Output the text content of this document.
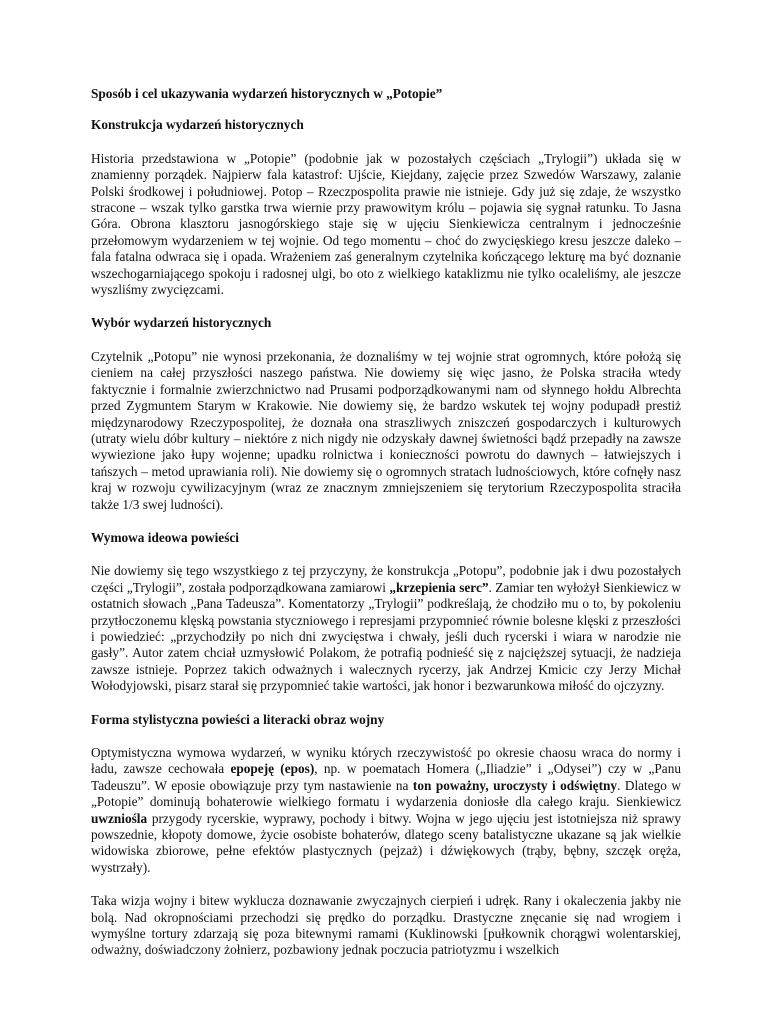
Sposób i cel ukazywania wydarzeń historycznych w „Potopie”
Konstrukcja wydarzeń historycznych

Historia przedstawiona w „Potopie” (podobnie jak w pozostałych częściach „Trylogii”) układa się w znamienny porządek. Najpierw fala katastrof: Ujście, Kiejdany, zajęcie przez Szwedów Warszawy, zalanie Polski środkowej i południowej. Potop – Rzeczpospolita prawie nie istnieje. Gdy już się zdaje, że wszystko stracone – wszak tylko garstka trwa wiernie przy prawowitym królu – pojawia się sygnał ratunku. To Jasna Góra. Obrona klasztoru jasnogórskiego staje się w ujęciu Sienkiewicza centralnym i jednocześnie przełomowym wydarzeniem w tej wojnie. Od tego momentu – choć do zwycięskiego kresu jeszcze daleko – fala fatalna odwraca się i opada. Wrażeniem zaś generalnym czytelnika kończącego lekturę ma być doznanie wszechogarniającego spokoju i radosnej ulgi, bo oto z wielkiego kataklizmu nie tylko ocaleliśmy, ale jeszcze wyszliśmy zwycięzcami.

Wybór wydarzeń historycznych

Czytelnik „Potopu” nie wynosi przekonania, że doznaliśmy w tej wojnie strat ogromnych, które położą się cieniem na całej przyszłości naszego państwa. Nie dowiemy się więc jasno, że Polska straciła wtedy faktycznie i formalnie zwierzchnictwo nad Prusami podporządkowanymi nam od słynnego hołdu Albrechta przed Zygmuntem Starym w Krakowie. Nie dowiemy się, że bardzo wskutek tej wojny podupadł prestiż międzynarodowy Rzeczypospolitej, że doznała ona straszliwych zniszczeń gospodarczych i kulturowych (utraty wielu dóbr kultury – niektóre z nich nigdy nie odzyskały dawnej świetności bądź przepadły na zawsze wywiezione jako łupy wojenne; upadku rolnictwa i konieczności powrotu do dawnych – łatwiejszych i tańszych – metod uprawiania roli). Nie dowiemy się o ogromnych stratach ludnościowych, które cofnęły nasz kraj w rozwoju cywilizacyjnym (wraz ze znacznym zmniejszeniem się terytorium Rzeczypospolita straciła także 1/3 swej ludności).

Wymowa ideowa powieści

Nie dowiemy się tego wszystkiego z tej przyczyny, że konstrukcja „Potopu”, podobnie jak i dwu pozostałych części „Trylogii”, została podporządkowana zamiarowi „krzepienia serc”. Zamiar ten wyłożył Sienkiewicz w ostatnich słowach „Pana Tadeusza”. Komentatorzy „Trylogii” podkreślają, że chodziło mu o to, by pokoleniu przytłoczonemu klęską powstania styczniowego i represjami przypomnieć równie bolesne klęski z przeszłości i powiedzieć: „przychodziły po nich dni zwycięstwa i chwały, jeśli duch rycerski i wiara w narodzie nie gasły”. Autor zatem chciał uzmysłowić Polakom, że potrafią podnieść się z najcięższej sytuacji, że nadzieja zawsze istnieje. Poprzez takich odważnych i walecznych rycerzy, jak Andrzej Kmicic czy Jerzy Michał Wołodyjowski, pisarz starał się przypomnieć takie wartości, jak honor i bezwarunkowa miłość do ojczyzny.

Forma stylistyczna powieści a literacki obraz wojny

Optymistyczna wymowa wydarzeń, w wyniku których rzeczywistość po okresie chaosu wraca do normy i ładu, zawsze cechowała epopeję (epos), np. w poematach Homera („Iliadzie” i „Odysei”) czy w „Panu Tadeuszu”. W eposie obowiązuje przy tym nastawienie na ton poważny, uroczysty i odświętny. Dlatego w „Potopie” dominują bohaterowie wielkiego formatu i wydarzenia doniosłe dla całego kraju. Sienkiewicz uwzniośla przygody rycerskie, wyprawy, pochody i bitwy. Wojna w jego ujęciu jest istotniejsza niż sprawy powszednie, kłopoty domowe, życie osobiste bohaterów, dlatego sceny batalistyczne ukazane są jak wielkie widowiska zbiorowe, pełne efektów plastycznych (pejzaż) i dźwiękowych (trąby, bębny, szczęk oręża, wystrzały).

Taka wizja wojny i bitew wyklucza doznawanie zwyczajnych cierpień i udręk. Rany i okaleczenia jakby nie bolą. Nad okropnościami przechodzi się prędko do porządku. Drastyczne znęcanie się nad wrogiem i wymyślne tortury zdarzają się poza bitewnymi ramami (Kuklinowski [pułkownik chorągwi wolentarskiej, odważny, doświadczony żołnierz, pozbawiony jednak poczucia patriotyzmu i wszelkich
